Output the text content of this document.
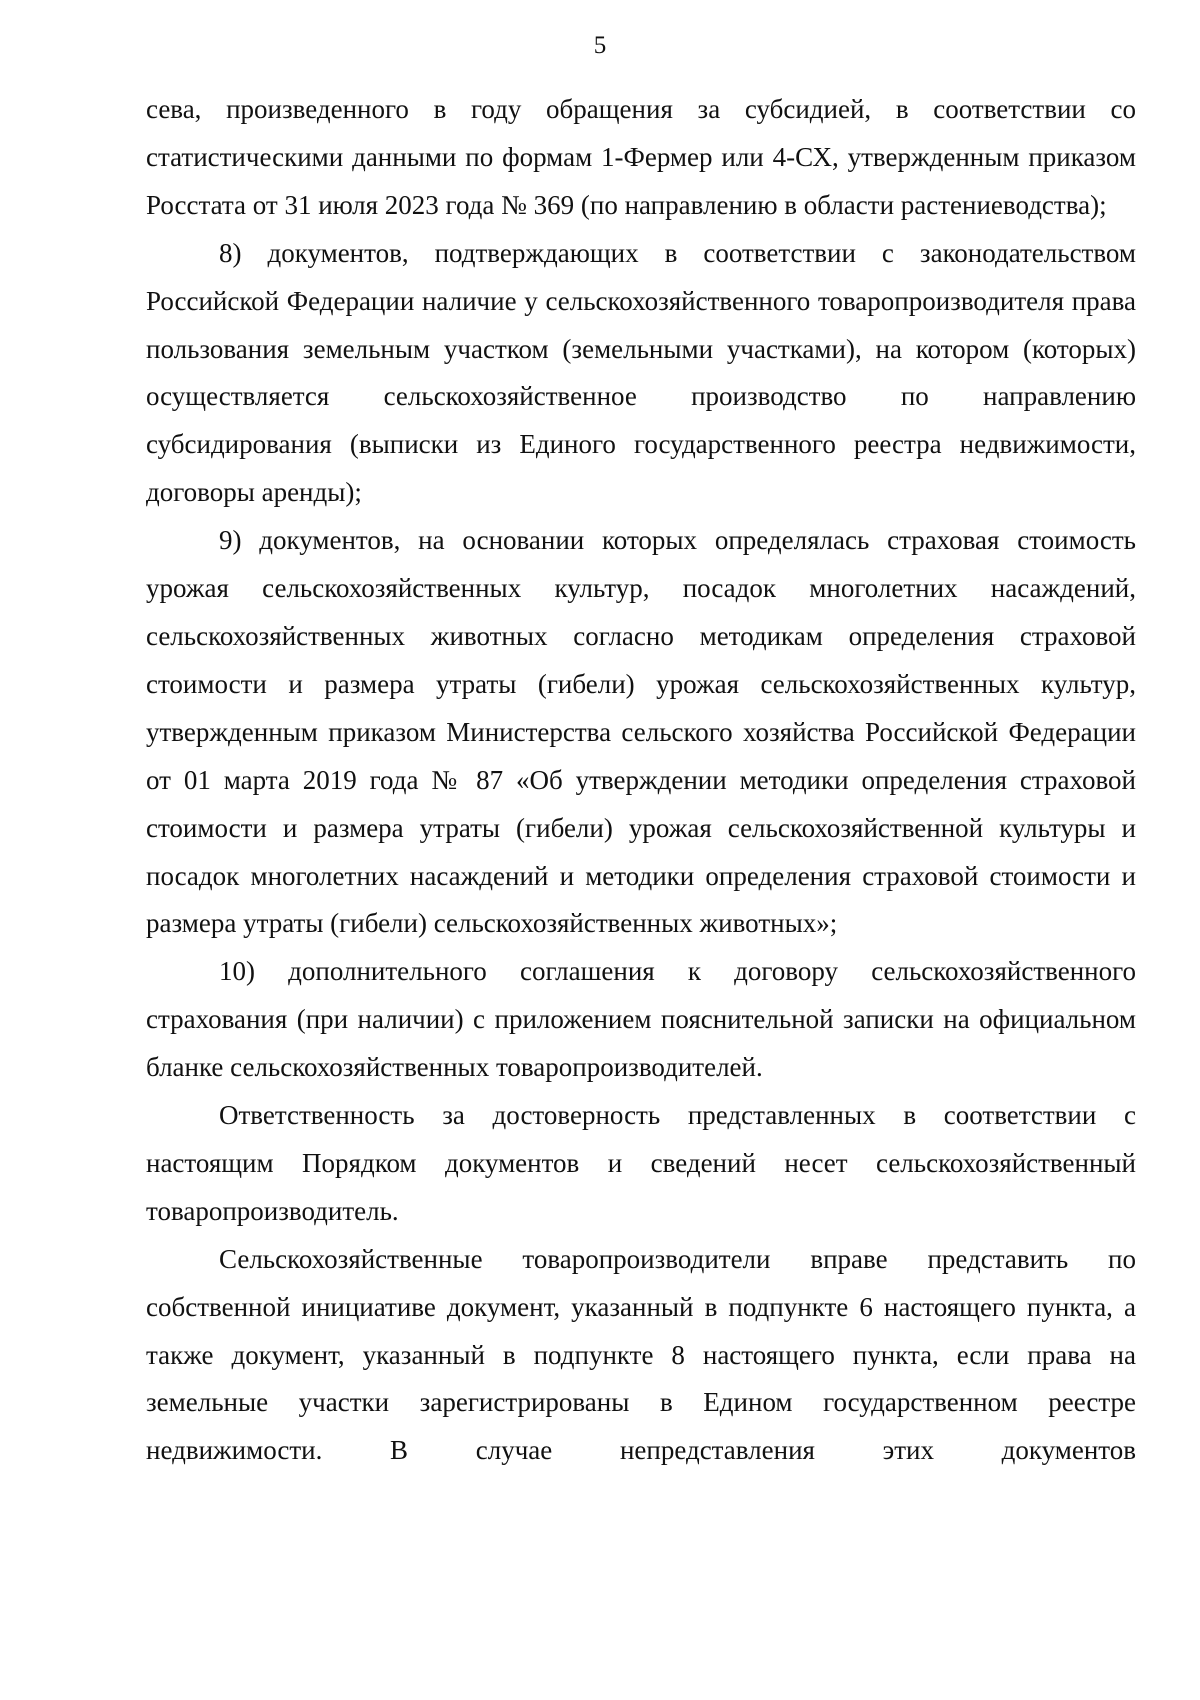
5

сева, произведенного в году обращения за субсидией, в соответствии со статистическими данными по формам 1-Фермер или 4-СХ, утвержденным приказом Росстата от 31 июля 2023 года № 369 (по направлению в области растениеводства);

8) документов, подтверждающих в соответствии с законодательством Российской Федерации наличие у сельскохозяйственного товаропроизводителя права пользования земельным участком (земельными участками), на котором (которых) осуществляется сельскохозяйственное производство по направлению субсидирования (выписки из Единого государственного реестра недвижимости, договоры аренды);

9) документов, на основании которых определялась страховая стоимость урожая сельскохозяйственных культур, посадок многолетних насаждений, сельскохозяйственных животных согласно методикам определения страховой стоимости и размера утраты (гибели) урожая сельскохозяйственных культур, утвержденным приказом Министерства сельского хозяйства Российской Федерации от 01 марта 2019 года № 87 «Об утверждении методики определения страховой стоимости и размера утраты (гибели) урожая сельскохозяйственной культуры и посадок многолетних насаждений и методики определения страховой стоимости и размера утраты (гибели) сельскохозяйственных животных»;

10) дополнительного соглашения к договору сельскохозяйственного страхования (при наличии) с приложением пояснительной записки на официальном бланке сельскохозяйственных товаропроизводителей.

Ответственность за достоверность представленных в соответствии с настоящим Порядком документов и сведений несет сельскохозяйственный товаропроизводитель.

Сельскохозяйственные товаропроизводители вправе представить по собственной инициативе документ, указанный в подпункте 6 настоящего пункта, а также документ, указанный в подпункте 8 настоящего пункта, если права на земельные участки зарегистрированы в Едином государственном реестре недвижимости. В случае непредставления этих документов
